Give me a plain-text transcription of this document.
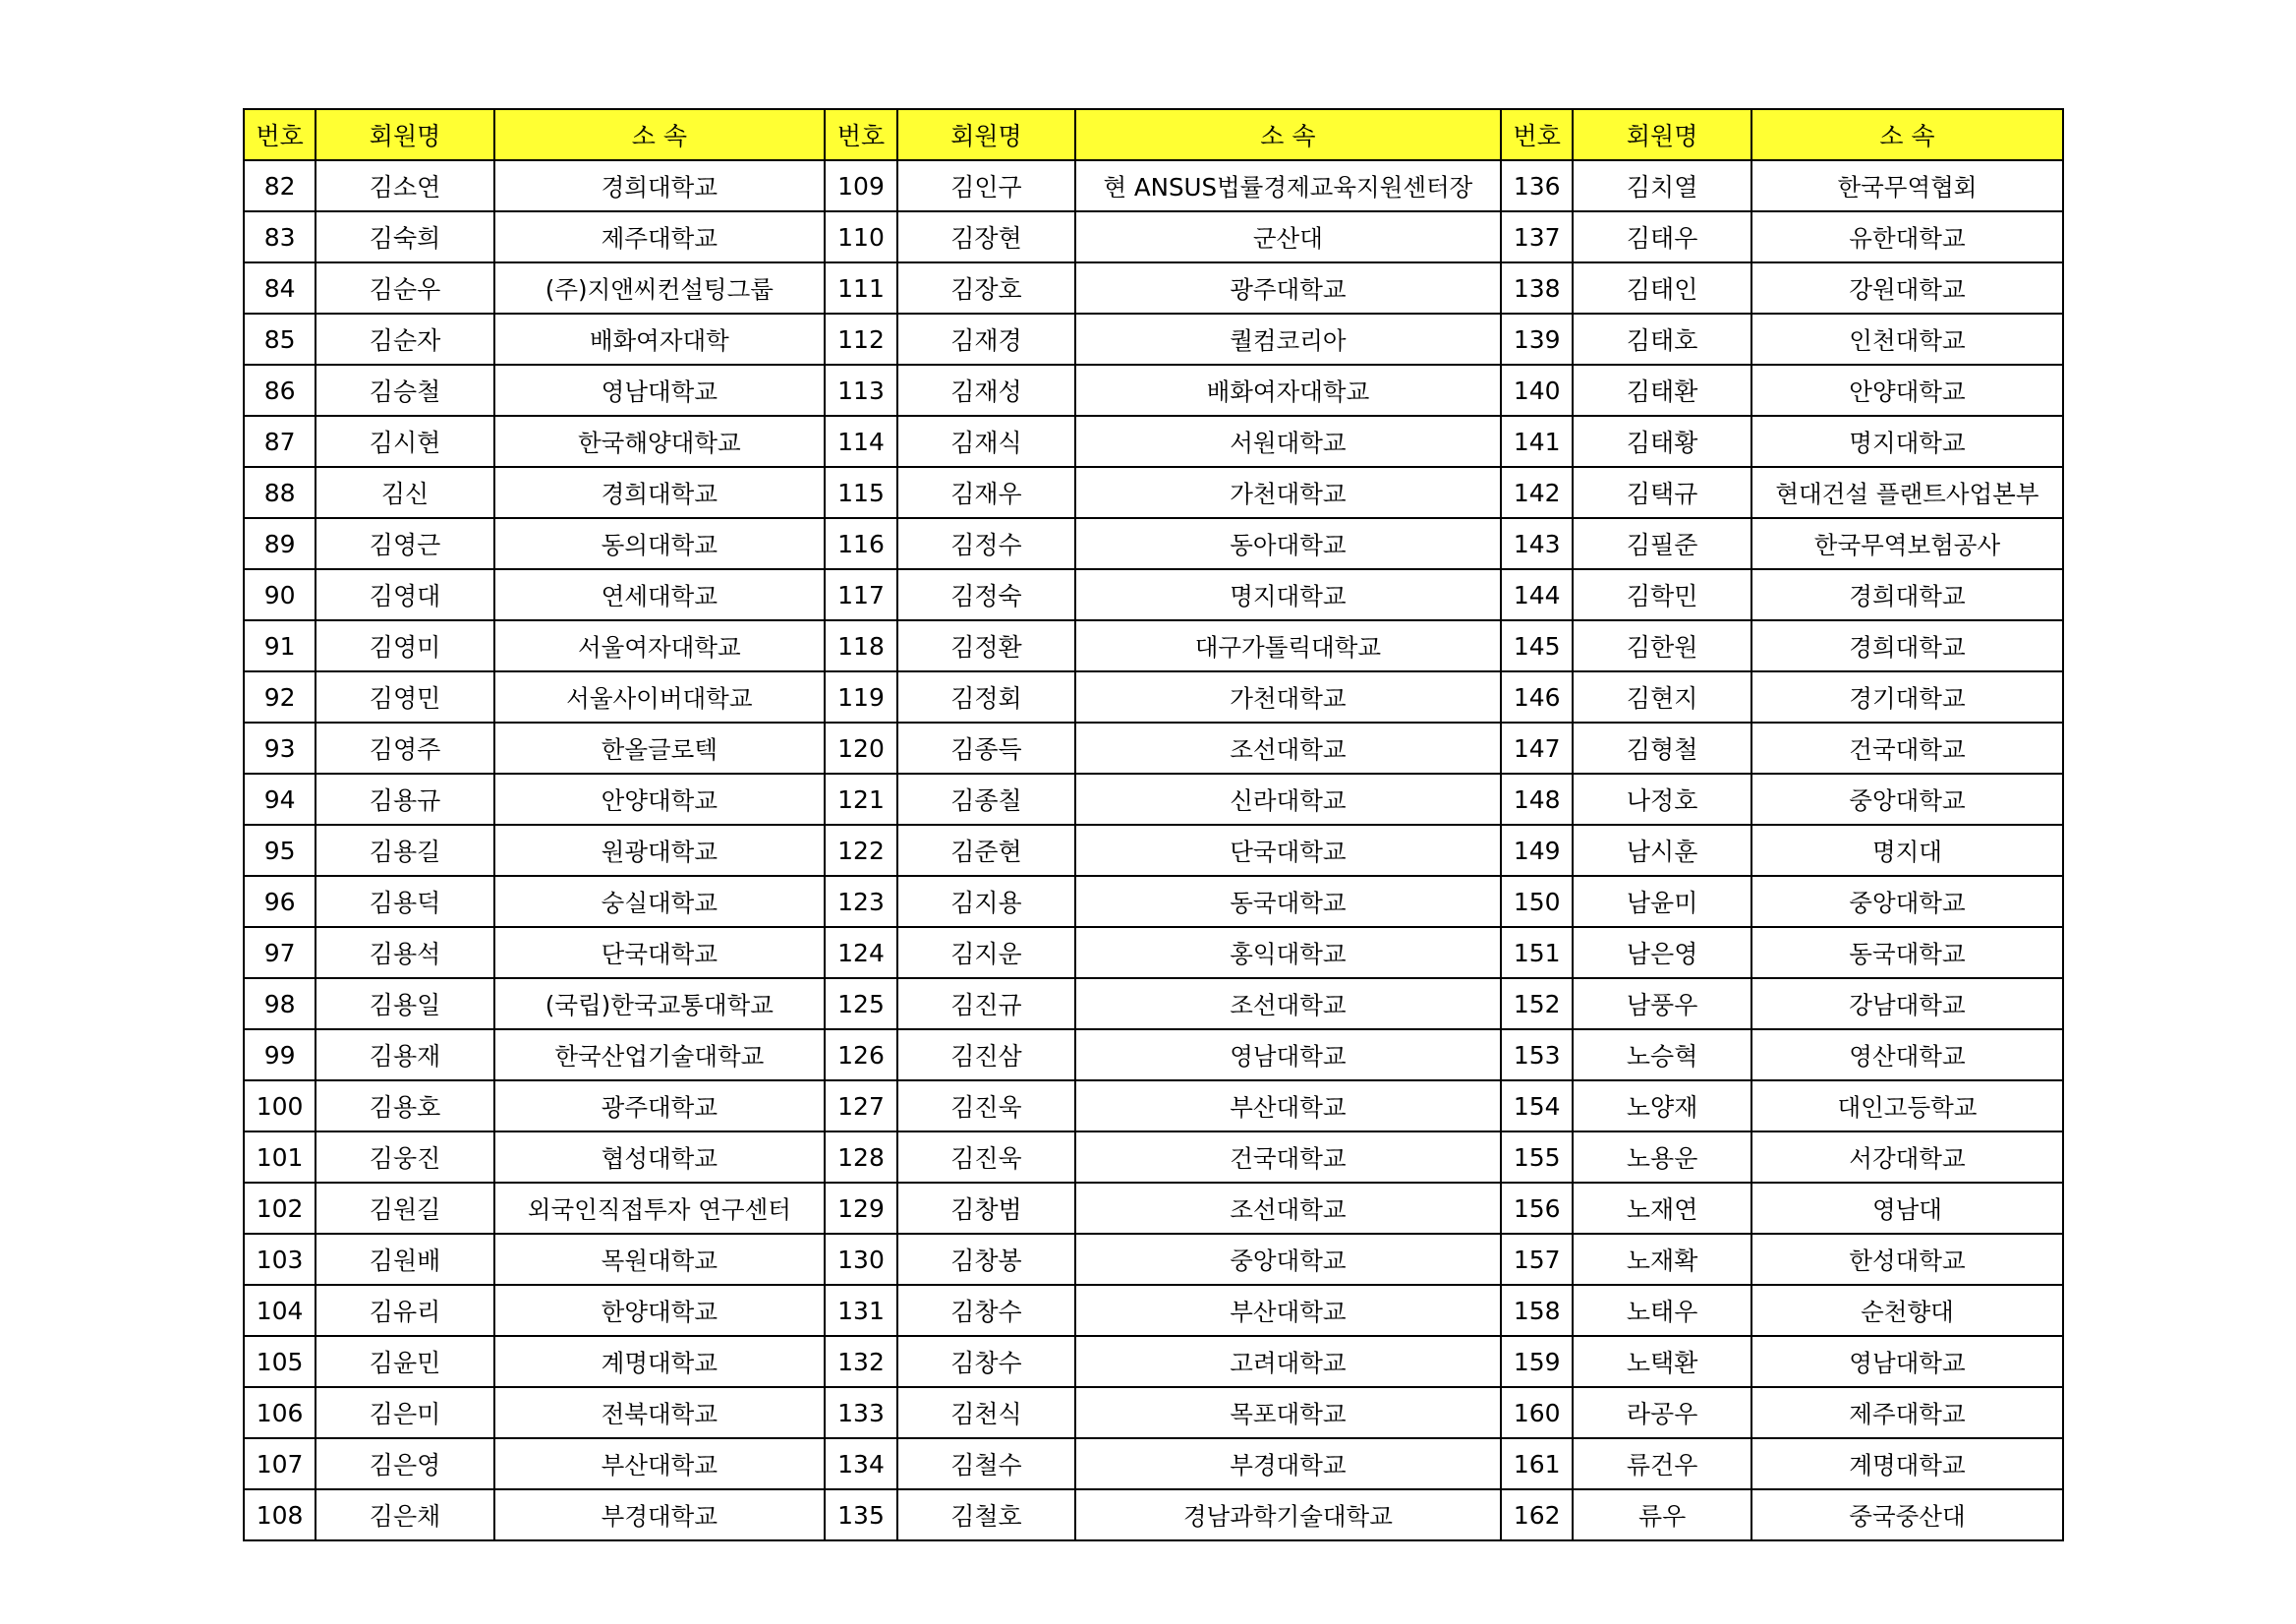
번호	회원명	소 속	번호	회원명	소 속	번호	회원명	소 속
82	김소연	경희대학교	109	김인구	현 ANSUS법률경제교육지원센터장	136	김치열	한국무역협회
83	김숙희	제주대학교	110	김장현	군산대	137	김태우	유한대학교
84	김순우	(주)지앤씨컨설팅그룹	111	김장호	광주대학교	138	김태인	강원대학교
85	김순자	배화여자대학	112	김재경	퀄컴코리아	139	김태호	인천대학교
86	김승철	영남대학교	113	김재성	배화여자대학교	140	김태환	안양대학교
87	김시현	한국해양대학교	114	김재식	서원대학교	141	김태황	명지대학교
88	김신	경희대학교	115	김재우	가천대학교	142	김택규	현대건설 플랜트사업본부
89	김영근	동의대학교	116	김정수	동아대학교	143	김필준	한국무역보험공사
90	김영대	연세대학교	117	김정숙	명지대학교	144	김학민	경희대학교
91	김영미	서울여자대학교	118	김정환	대구가톨릭대학교	145	김한원	경희대학교
92	김영민	서울사이버대학교	119	김정회	가천대학교	146	김현지	경기대학교
93	김영주	한올글로텍	120	김종득	조선대학교	147	김형철	건국대학교
94	김용규	안양대학교	121	김종칠	신라대학교	148	나정호	중앙대학교
95	김용길	원광대학교	122	김준현	단국대학교	149	남시훈	명지대
96	김용덕	숭실대학교	123	김지용	동국대학교	150	남윤미	중앙대학교
97	김용석	단국대학교	124	김지운	홍익대학교	151	남은영	동국대학교
98	김용일	(국립)한국교통대학교	125	김진규	조선대학교	152	남풍우	강남대학교
99	김용재	한국산업기술대학교	126	김진삼	영남대학교	153	노승혁	영산대학교
100	김용호	광주대학교	127	김진욱	부산대학교	154	노양재	대인고등학교
101	김웅진	협성대학교	128	김진욱	건국대학교	155	노용운	서강대학교
102	김원길	외국인직접투자 연구센터	129	김창범	조선대학교	156	노재연	영남대
103	김원배	목원대학교	130	김창봉	중앙대학교	157	노재확	한성대학교
104	김유리	한양대학교	131	김창수	부산대학교	158	노태우	순천향대
105	김윤민	계명대학교	132	김창수	고려대학교	159	노택환	영남대학교
106	김은미	전북대학교	133	김천식	목포대학교	160	라공우	제주대학교
107	김은영	부산대학교	134	김철수	부경대학교	161	류건우	계명대학교
108	김은채	부경대학교	135	김철호	경남과학기술대학교	162	류우	중국중산대
